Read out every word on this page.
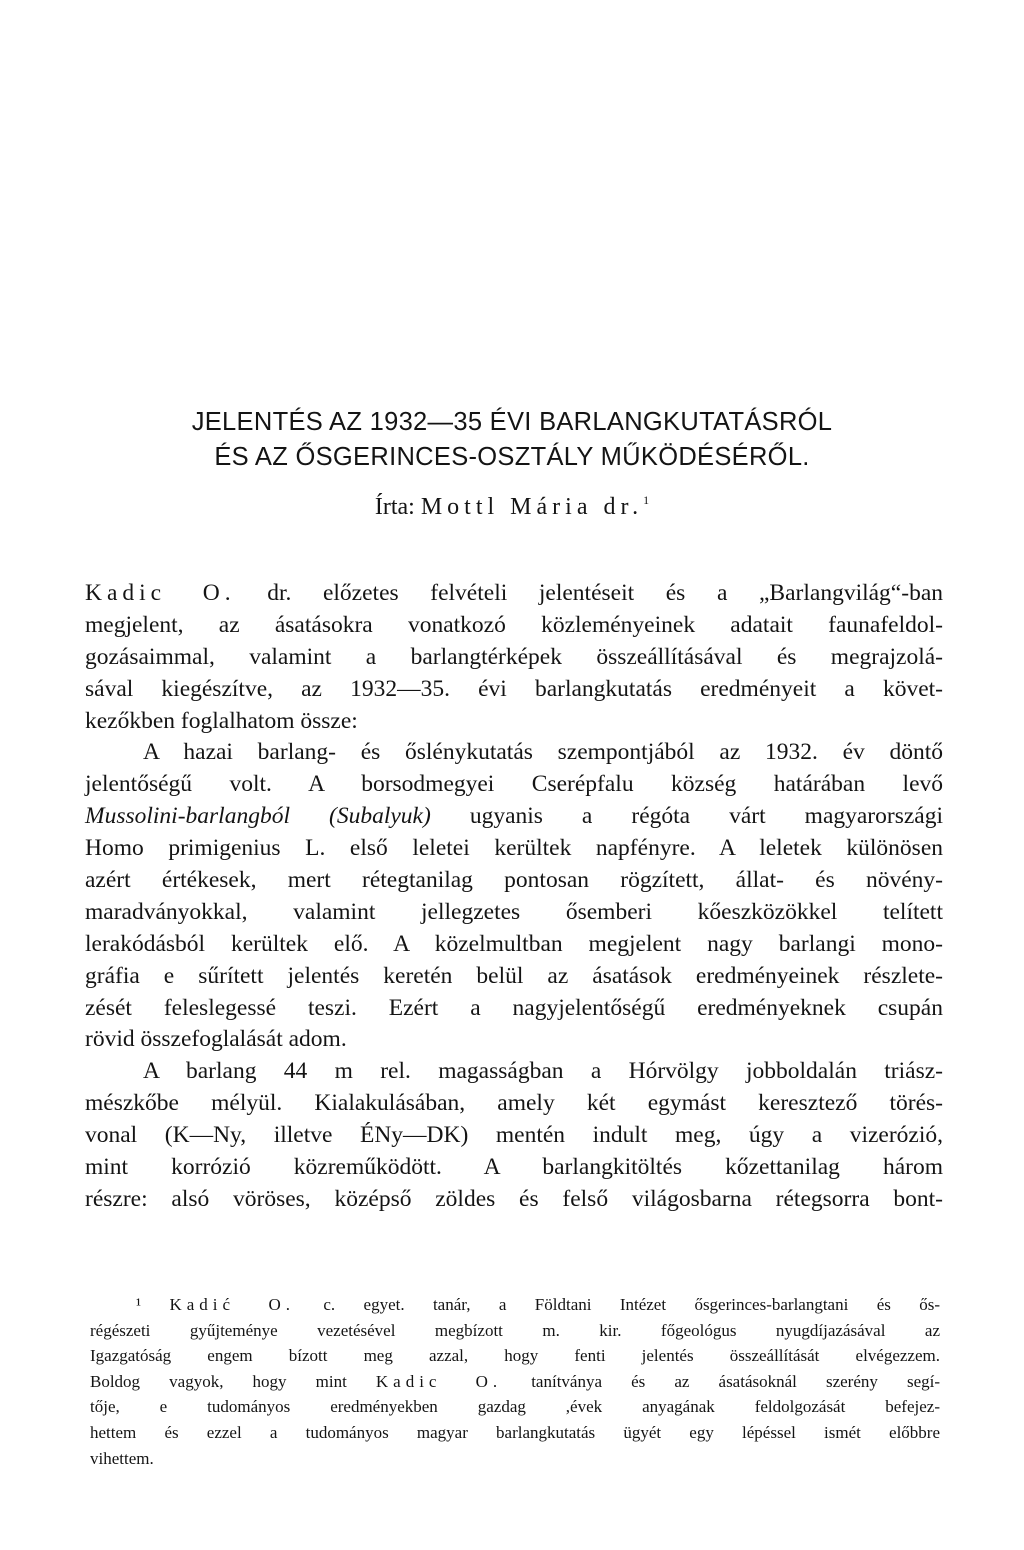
JELENTÉS AZ 1932—35 ÉVI BARLANGKUTATÁSRÓL
ÉS AZ ŐSGERINCES-OSZTÁLY MŰKÖDÉSÉRŐL.
Írta: Mottl Mária dr.$^1$
Kadic O. dr. előzetes felvételi jelentéseit és a „Barlangvilág“-ban
megjelent, az ásatásokra vonatkozó közleményeinek adatait faunafeldol-
gozásaimmal, valamint a barlangtérképek összeállításával és megrajzolá-
sával kiegészítve, az 1932—35. évi barlangkutatás eredményeit a követ-
kezőkben foglalhatom össze:
A hazai barlang- és őslénykutatás szempontjából az 1932. év döntő
jelentőségű volt. A borsodmegyei Cserépfalu község határában levő
Mussolini-barlangból (Subalyuk) ugyanis a régóta várt magyarországi
Homo primigenius L. első leletei kerültek napfényre. A leletek különösen
azért értékesek, mert rétegtanilag pontosan rögzített, állat- és növény-
maradványokkal, valamint jellegzetes ősemberi kőeszközökkel telített
lerakódásból kerültek elő. A közelmultban megjelent nagy barlangi mono-
gráfia e sűrített jelentés keretén belül az ásatások eredményeinek részlete-
zését feleslegessé teszi. Ezért a nagyjelentőségű eredményeknek csupán
rövid összefoglalását adom.
A barlang 44 m rel. magasságban a Hórvölgy jobboldalán triász-
mészkőbe mélyül. Kialakulásában, amely két egymást keresztező törés-
vonal (K—Ny, illetve ÉNy—DK) mentén indult meg, úgy a vizerózió,
mint korrózió közreműködött. A barlangkitöltés kőzettanilag három
részre: alsó vöröses, középső zöldes és felső világosbarna rétegsorra bont-
¹ Kadić O. c. egyet. tanár, a Földtani Intézet ősgerinces-barlangtani és ős-
régészeti gyűjteménye vezetésével megbízott m. kir. főgeológus nyugdíjazásával az
Igazgatóság engem bízott meg azzal, hogy fenti jelentés összeállítását elvégezzem.
Boldog vagyok, hogy mint Kadic O. tanítványa és az ásatásoknál szerény segí-
tője, e tudományos eredményekben gazdag ,évek anyagának feldolgozását befejez-
hettem és ezzel a tudományos magyar barlangkutatás ügyét egy lépéssel ismét előbbre
vihettem.
